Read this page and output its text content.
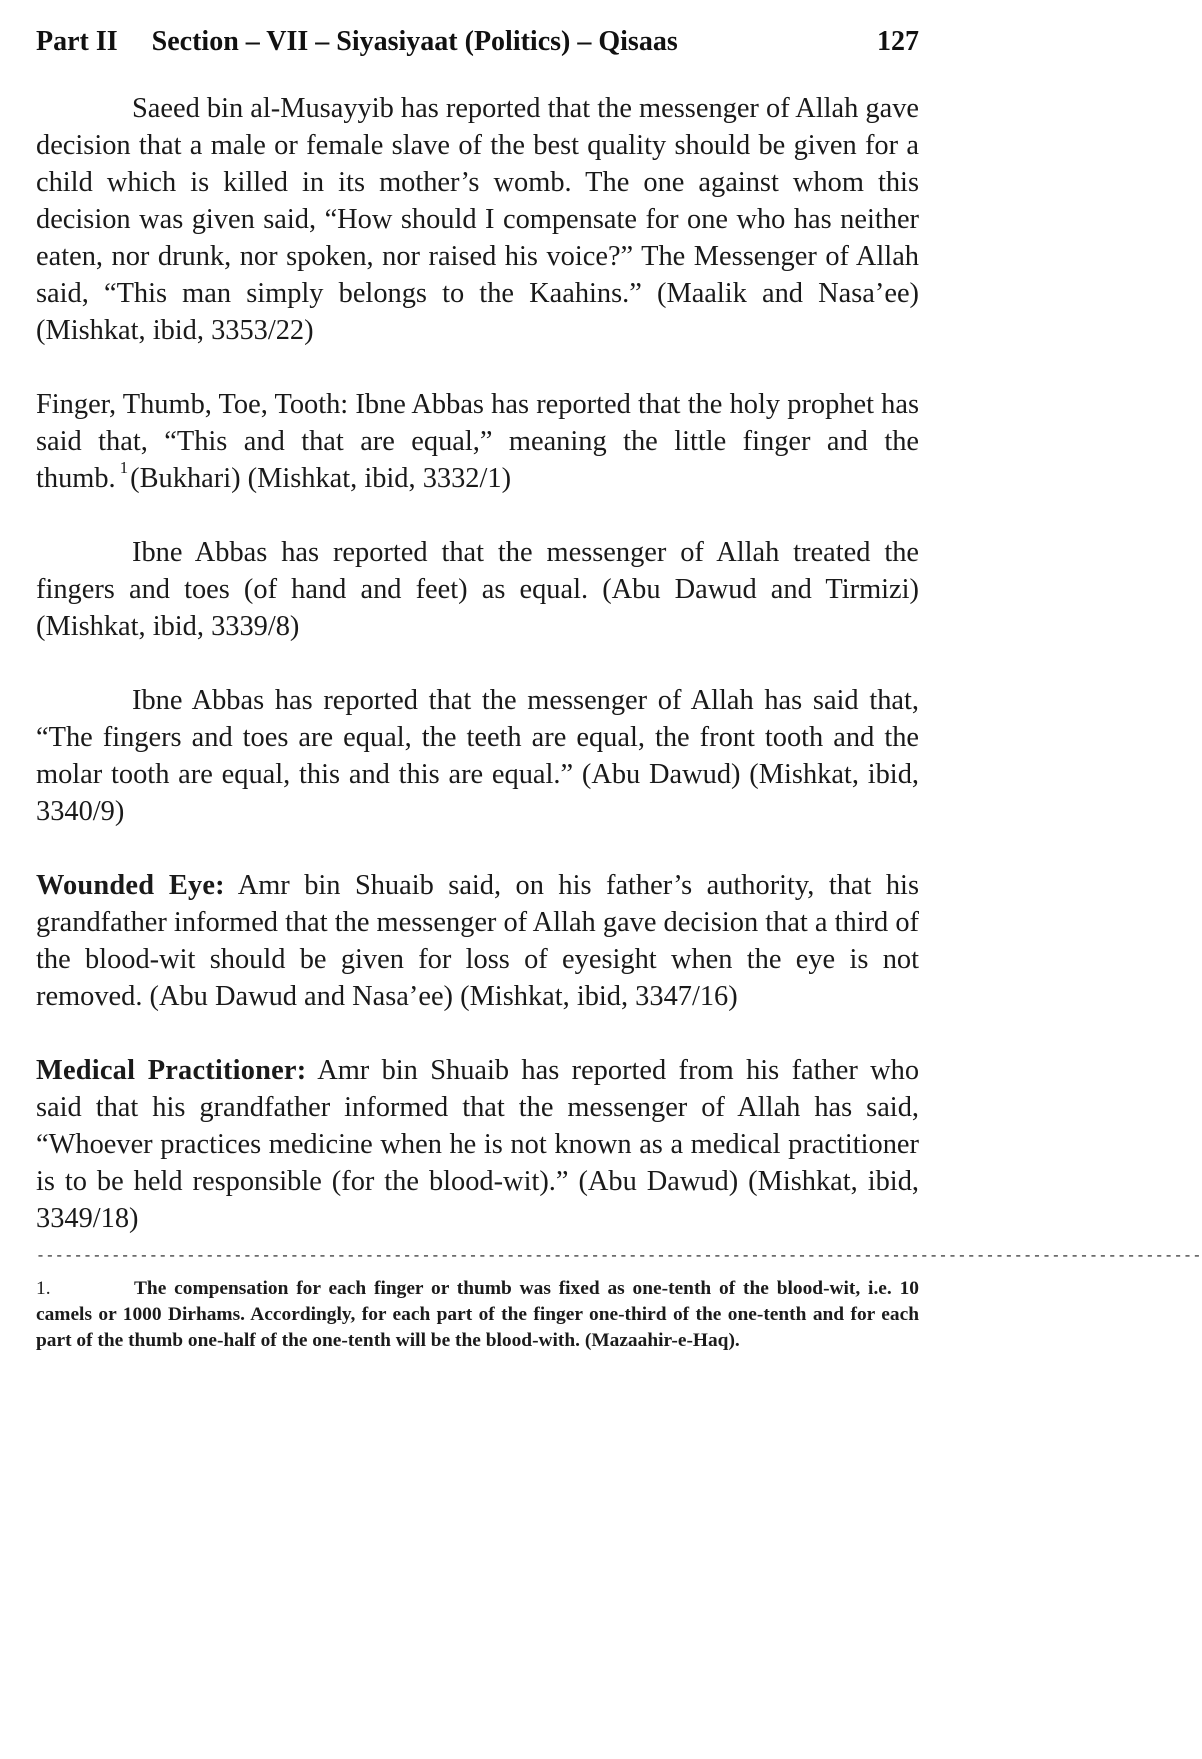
Part II Section – VII – Siyasiyaat (Politics) – Qisaas	127

Saeed bin al-Musayyib has reported that the messenger of Allah gave decision that a male or female slave of the best quality should be given for a child which is killed in its mother’s womb. The one against whom this decision was given said, “How should I compensate for one who has neither eaten, nor drunk, nor spoken, nor raised his voice?” The Messenger of Allah said, “This man simply belongs to the Kaahins.” (Maalik and Nasa’ee) (Mishkat, ibid, 3353/22)

Finger, Thumb, Toe, Tooth: Ibne Abbas has reported that the holy prophet has said that, “This and that are equal,” meaning the little finger and the thumb. $^1$(Bukhari) (Mishkat, ibid, 3332/1)

Ibne Abbas has reported that the messenger of Allah treated the fingers and toes (of hand and feet) as equal. (Abu Dawud and Tirmizi) (Mishkat, ibid, 3339/8)

Ibne Abbas has reported that the messenger of Allah has said that, “The fingers and toes are equal, the teeth are equal, the front tooth and the molar tooth are equal, this and this are equal.” (Abu Dawud) (Mishkat, ibid, 3340/9)

Wounded Eye: Amr bin Shuaib said, on his father’s authority, that his grandfather informed that the messenger of Allah gave decision that a third of the blood-wit should be given for loss of eyesight when the eye is not removed. (Abu Dawud and Nasa’ee) (Mishkat, ibid, 3347/16)

Medical Practitioner: Amr bin Shuaib has reported from his father who said that his grandfather informed that the messenger of Allah has said, “Whoever practices medicine when he is not known as a medical practitioner is to be held responsible (for the blood-wit).” (Abu Dawud) (Mishkat, ibid, 3349/18)

----------------------------------------------------------------------------------------------------------------------------
1.	The compensation for each finger or thumb was fixed as one-tenth of the blood-wit, i.e. 10 camels or 1000 Dirhams. Accordingly, for each part of the finger one-third of the one-tenth and for each part of the thumb one-half of the one-tenth will be the blood-with. (Mazaahir-e-Haq).
